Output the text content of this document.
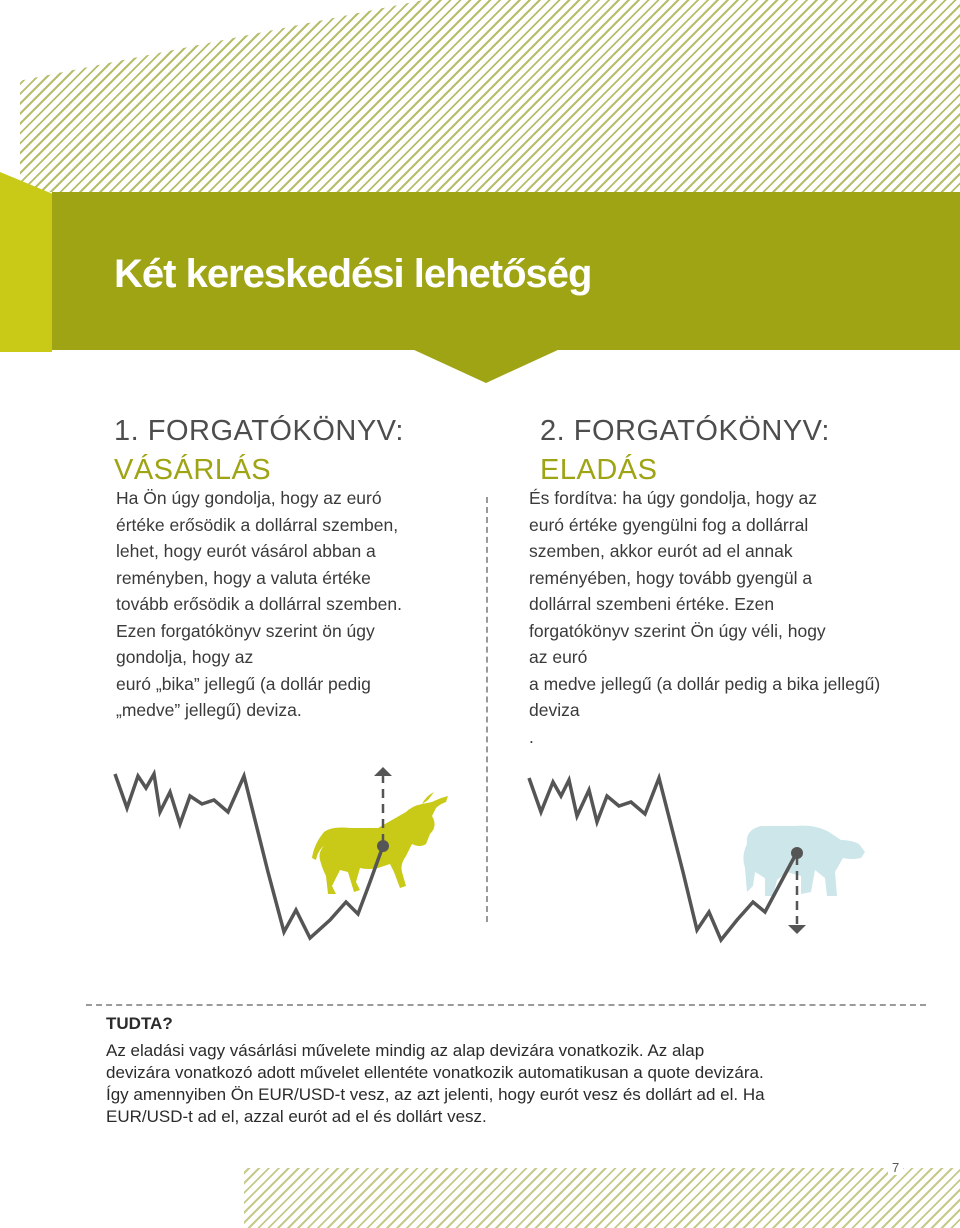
Két kereskedési lehetőség
1. FORGATÓKÖNYV:
VÁSÁRLÁS
Ha Ön úgy gondolja, hogy az euró
értéke erősödik a dollárral szemben,
lehet, hogy eurót vásárol abban a
reményben, hogy a valuta értéke
tovább erősödik a dollárral szemben.
Ezen forgatókönyv szerint ön úgy
gondolja, hogy az
euró „bika” jellegű (a dollár pedig
„medve” jellegű) deviza.
2. FORGATÓKÖNYV:
ELADÁS
És fordítva: ha úgy gondolja, hogy az
euró értéke gyengülni fog a dollárral
szemben, akkor eurót ad el annak
reményében, hogy tovább gyengül a
dollárral szembeni értéke. Ezen
forgatókönyv szerint Ön úgy véli, hogy
az euró
a medve jellegű (a dollár pedig a bika jellegű)
deviza
.
TUDTA?
Az eladási vagy vásárlási művelete mindig az alap devizára vonatkozik. Az alap
devizára vonatkozó adott művelet ellentéte vonatkozik automatikusan a quote devizára.
Így amennyiben Ön EUR/USD-t vesz, az azt jelenti, hogy eurót vesz és dollárt ad el. Ha
EUR/USD-t ad el, azzal eurót ad el és dollárt vesz.
7
